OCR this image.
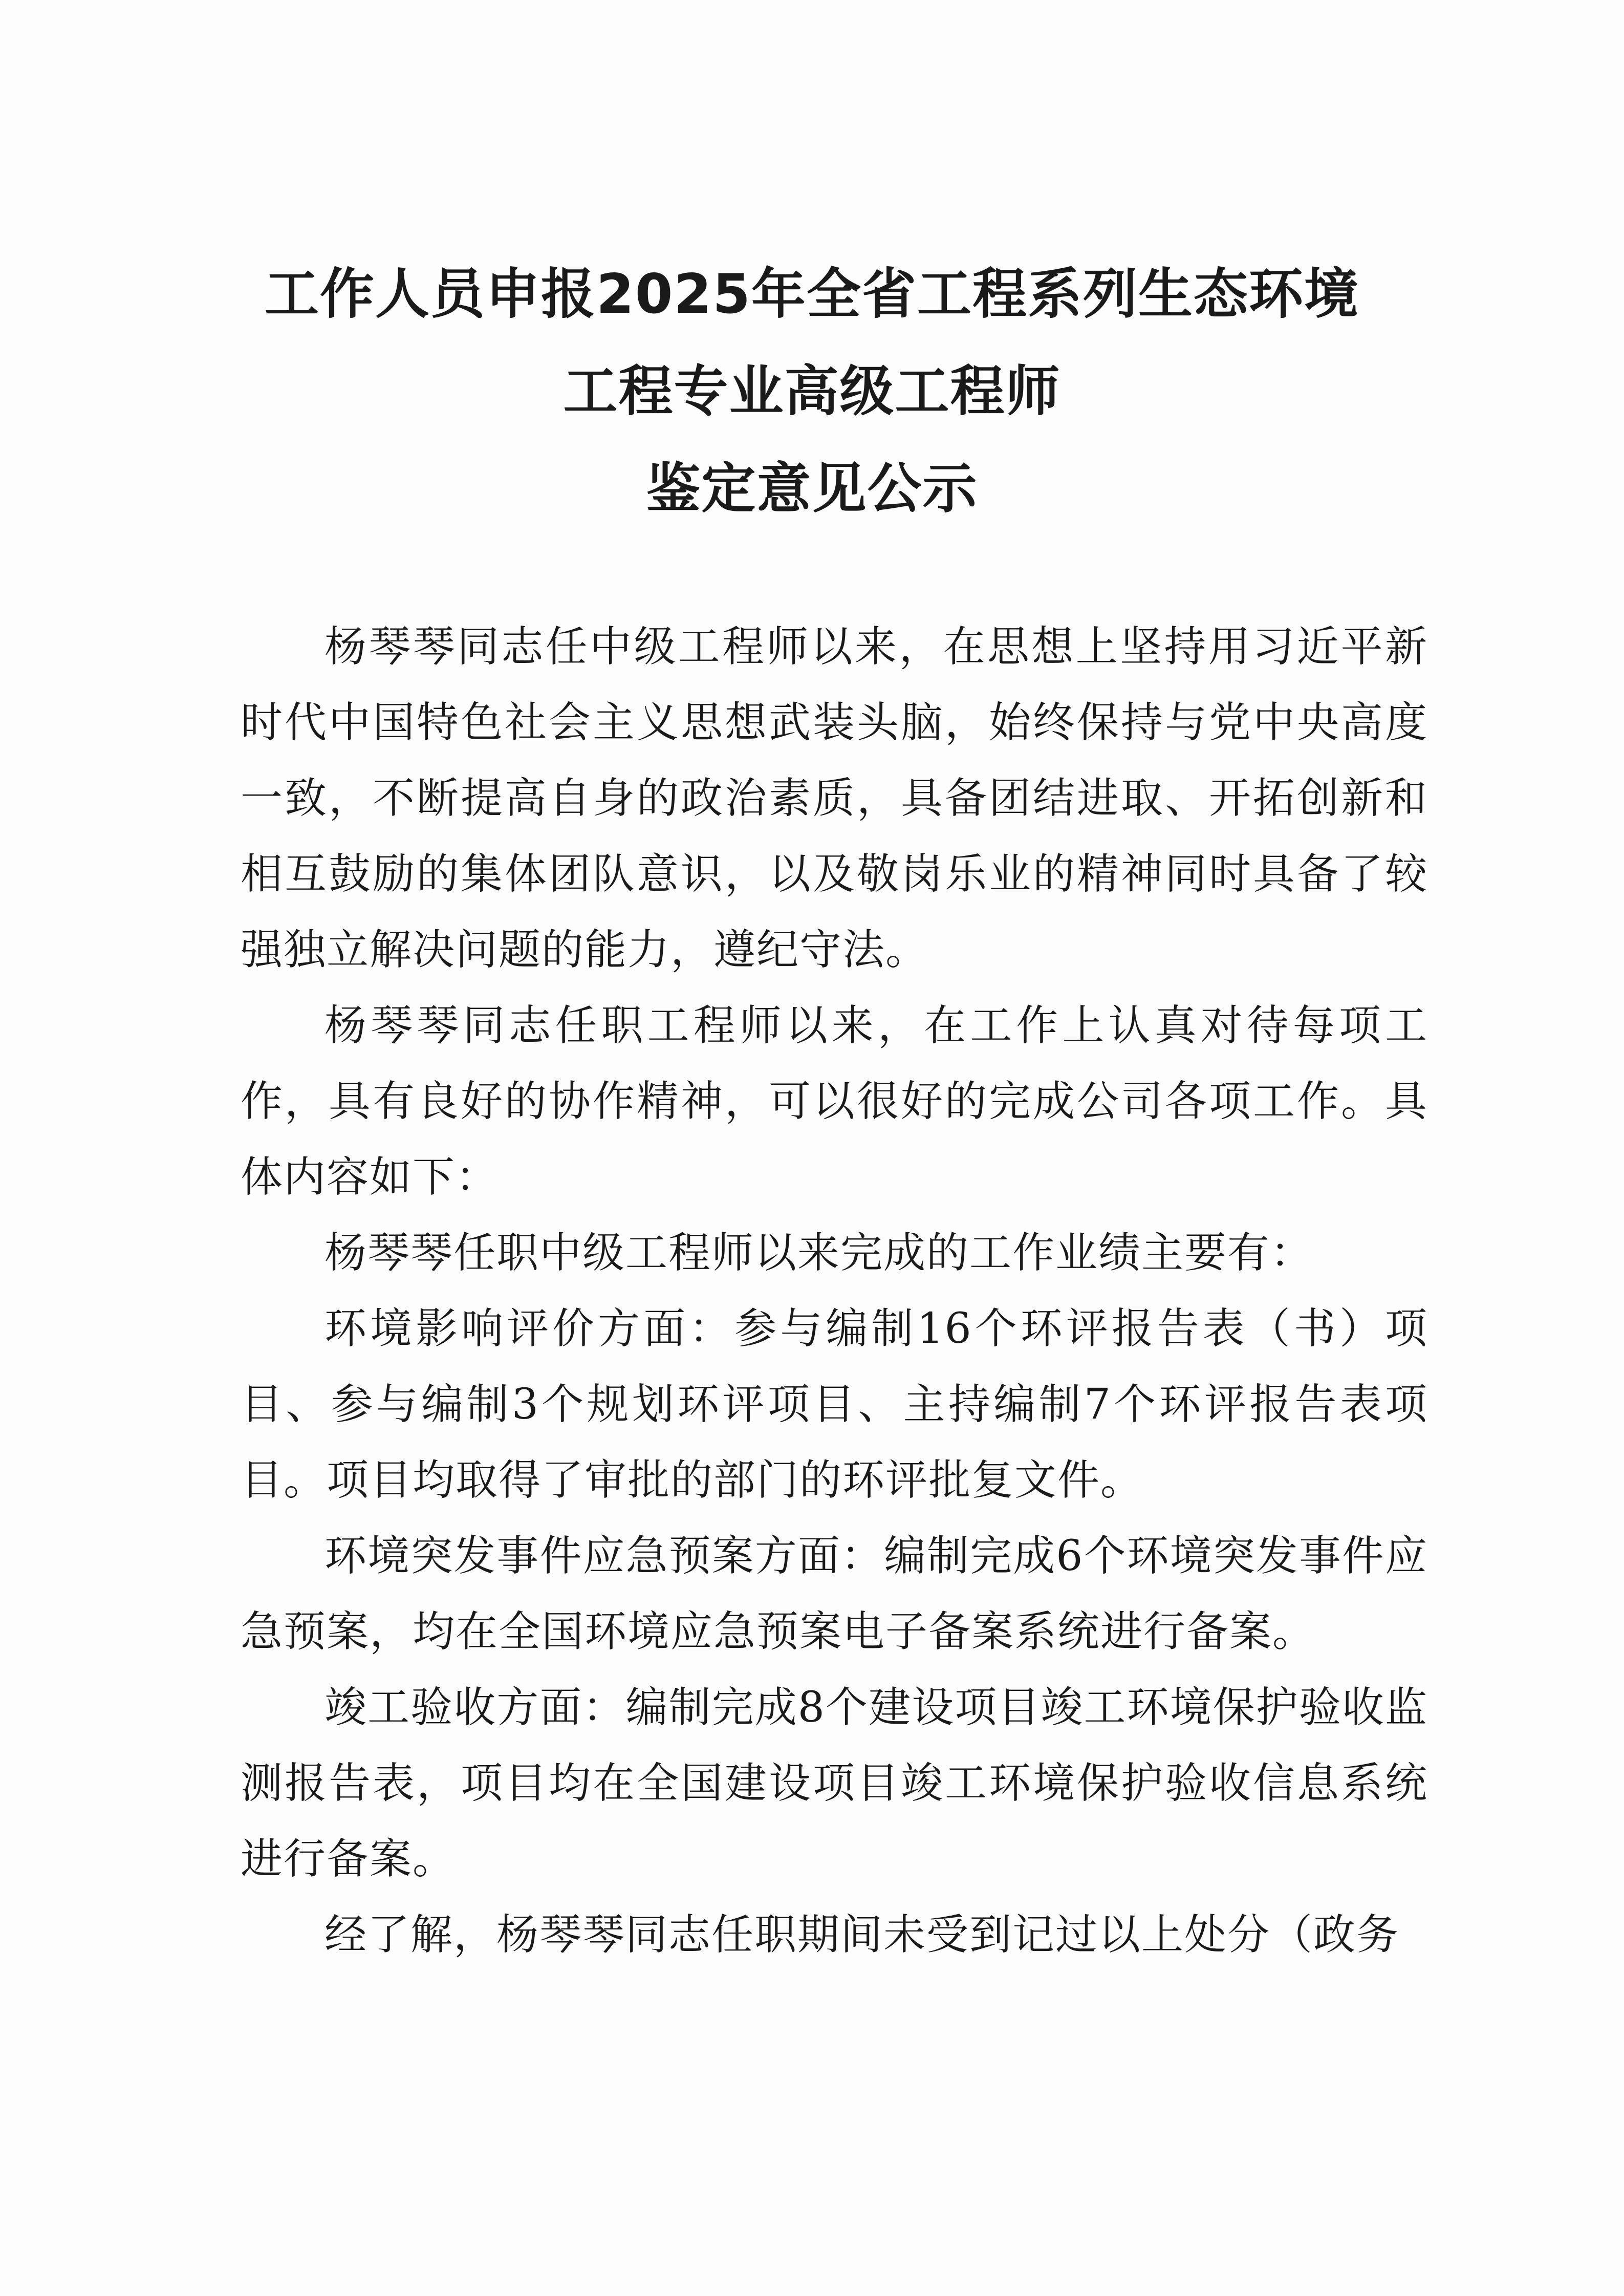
工作人员申报2025年全省工程系列生态环境
工程专业高级工程师
鉴定意见公示

杨琴琴同志任中级工程师以来，在思想上坚持用习近平新时代中国特色社会主义思想武装头脑，始终保持与党中央高度一致，不断提高自身的政治素质，具备团结进取、开拓创新和相互鼓励的集体团队意识，以及敬岗乐业的精神同时具备了较强独立解决问题的能力，遵纪守法。

杨琴琴同志任职工程师以来，在工作上认真对待每项工作，具有良好的协作精神，可以很好的完成公司各项工作。具体内容如下：

杨琴琴任职中级工程师以来完成的工作业绩主要有：

环境影响评价方面：参与编制16个环评报告表（书）项目、参与编制3个规划环评项目、主持编制7个环评报告表项目。项目均取得了审批的部门的环评批复文件。

环境突发事件应急预案方面：编制完成6个环境突发事件应急预案，均在全国环境应急预案电子备案系统进行备案。

竣工验收方面：编制完成8个建设项目竣工环境保护验收监测报告表，项目均在全国建设项目竣工环境保护验收信息系统进行备案。

经了解，杨琴琴同志任职期间未受到记过以上处分（政务
